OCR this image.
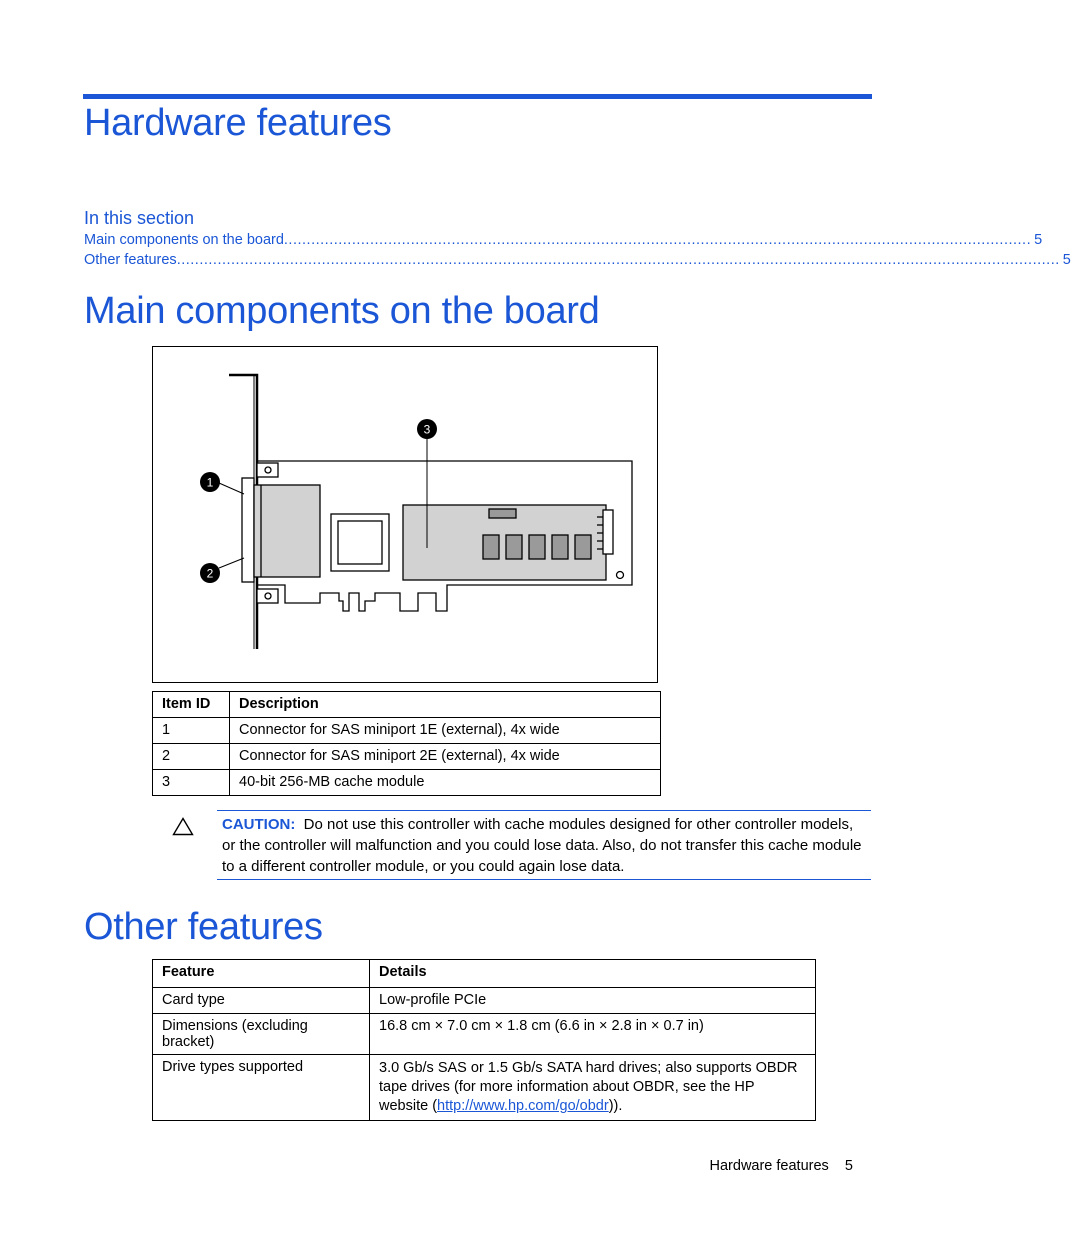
Hardware features
In this section
Main components on the board ..................................................................................................................................................................... 5
Other features ................................................................................................................................................................................................... 5
Main components on the board
1
2
3
Item ID	Description
1	Connector for SAS miniport 1E (external), 4x wide
2	Connector for SAS miniport 2E (external), 4x wide
3	40-bit 256-MB cache module
CAUTION: Do not use this controller with cache modules designed for other controller models, or the controller will malfunction and you could lose data. Also, do not transfer this cache module to a different controller module, or you could again lose data.
Other features
Feature	Details
Card type	Low-profile PCIe
Dimensions (excluding bracket)	16.8 cm × 7.0 cm × 1.8 cm (6.6 in × 2.8 in × 0.7 in)
Drive types supported	3.0 Gb/s SAS or 1.5 Gb/s SATA hard drives; also supports OBDR tape drives (for more information about OBDR, see the HP website (http://www.hp.com/go/obdr)).
Hardware features 5
